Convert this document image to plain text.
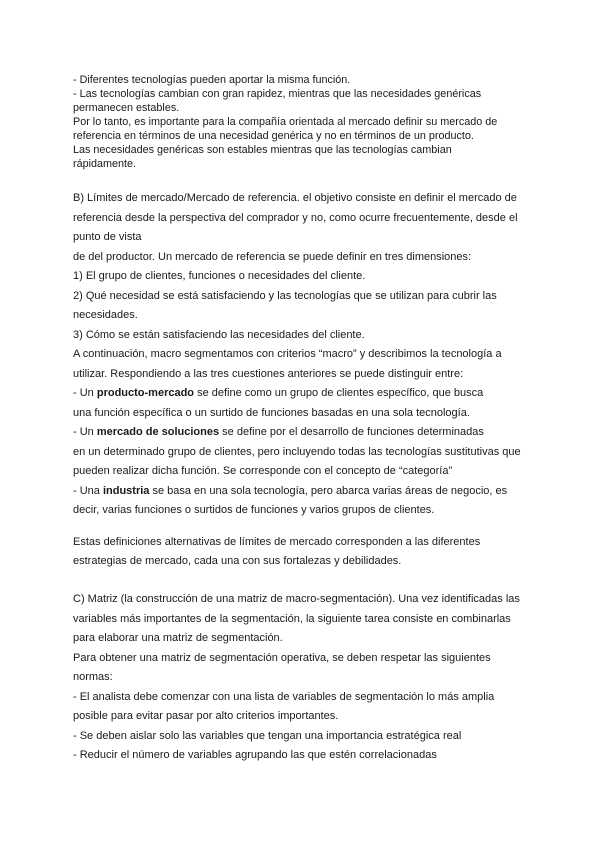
- Diferentes tecnologías pueden aportar la misma función.
- Las tecnologías cambian con gran rapidez, mientras que las necesidades genéricas
permanecen estables.
Por lo tanto, es importante para la compañía orientada al mercado definir su mercado de
referencia en términos de una necesidad genérica y no en términos de un producto.
Las necesidades genéricas son estables mientras que las tecnologías cambian
rápidamente.
B) Límites de mercado/Mercado de referencia. el objetivo consiste en definir el mercado de
referencia desde la perspectiva del comprador y no, como ocurre frecuentemente, desde el
punto de vista
de del productor. Un mercado de referencia se puede definir en tres dimensiones:
1) El grupo de clientes, funciones o necesidades del cliente.
2) Qué necesidad se está satisfaciendo y las tecnologías que se utilizan para cubrir las
necesidades.
3) Cómo se están satisfaciendo las necesidades del cliente.
A continuación, macro segmentamos con criterios “macro” y describimos la tecnología a
utilizar. Respondiendo a las tres cuestiones anteriores se puede distinguir entre:
- Un producto-mercado se define como un grupo de clientes específico, que busca
una función específica o un surtido de funciones basadas en una sola tecnología.
- Un mercado de soluciones se define por el desarrollo de funciones determinadas
en un determinado grupo de clientes, pero incluyendo todas las tecnologías sustitutivas que
pueden realizar dicha función. Se corresponde con el concepto de “categoría”
- Una industria se basa en una sola tecnología, pero abarca varias áreas de negocio, es
decir, varias funciones o surtidos de funciones y varios grupos de clientes.
Estas definiciones alternativas de límites de mercado corresponden a las diferentes
estrategias de mercado, cada una con sus fortalezas y debilidades.
C) Matriz (la construcción de una matriz de macro-segmentación). Una vez identificadas las
variables más importantes de la segmentación, la siguiente tarea consiste en combinarlas
para elaborar una matriz de segmentación.
Para obtener una matriz de segmentación operativa, se deben respetar las siguientes
normas:
- El analista debe comenzar con una lista de variables de segmentación lo más amplia
posible para evitar pasar por alto criterios importantes.
- Se deben aislar solo las variables que tengan una importancia estratégica real
- Reducir el número de variables agrupando las que estén correlacionadas
